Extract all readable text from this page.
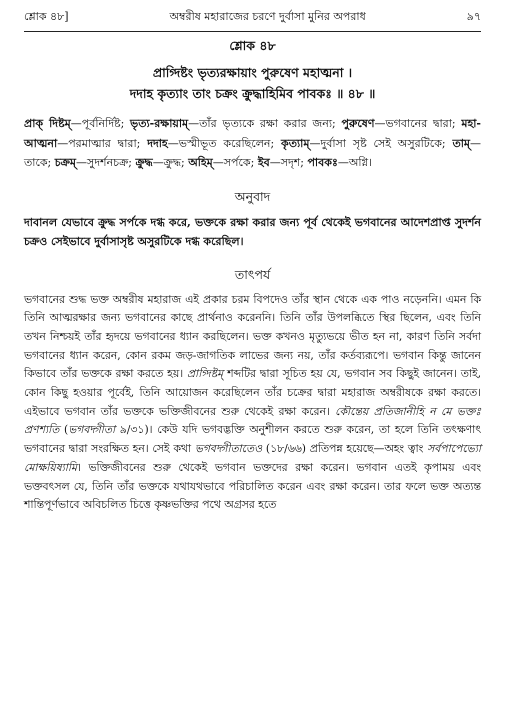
শ্লোক ৪৮]	অম্বরীষ মহারাজের চরণে দুর্বাসা মুনির অপরাধ	৯৭
শ্লোক ৪৮
প্রাগ্দিষ্টং ভৃত্যরক্ষায়াং পুরুষেণ মহাত্মনা ।
দদাহ কৃত্যাং তাং চক্রং ক্রুদ্ধাহিমিব পাবকঃ ॥ ৪৮ ॥
প্রাক্ দিষ্টম্—পূর্বনির্দিষ্ট; ভৃত্য-রক্ষায়াম্—তাঁর ভৃত্যকে রক্ষা করার জন্য; পুরুষেণ—ভগবানের দ্বারা; মহা-আত্মনা—পরমাত্মার দ্বারা; দদাহ—ভস্মীভূত করেছিলেন; কৃত্যাম্—দুর্বাসা সৃষ্ট সেই অসুরটিকে; তাম্—তাকে; চক্রম্—সুদর্শনচক্র; ক্রুদ্ধ—ক্রুদ্ধ; অহিম্—সর্পকে; ইব—সদৃশ; পাবকঃ—অগ্নি।
অনুবাদ
দাবানল যেভাবে ক্রুদ্ধ সর্পকে দগ্ধ করে, ভক্তকে রক্ষা করার জন্য পূর্ব থেকেই ভগবানের আদেশপ্রাপ্ত সুদর্শন চক্রও সেইভাবে দুর্বাসাসৃষ্ট অসুরটিকে দগ্ধ করেছিল।
তাৎপর্য
ভগবানের শুদ্ধ ভক্ত অম্বরীষ মহারাজ এই প্রকার চরম বিপদেও তাঁর স্থান থেকে এক পাও নড়েননি। এমন কি তিনি আত্মরক্ষার জন্য ভগবানের কাছে প্রার্থনাও করেননি। তিনি তাঁর উপলব্ধিতে স্থির ছিলেন, এবং তিনি তখন নিশ্চয়ই তাঁর হৃদয়ে ভগবানের ধ্যান করছিলেন। ভক্ত কখনও মৃত্যুভয়ে ভীত হন না, কারণ তিনি সর্বদা ভগবানের ধ্যান করেন, কোন রকম জড়-জাগতিক লাভের জন্য নয়, তাঁর কর্তব্যরূপে। ভগবান কিন্তু জানেন কিভাবে তাঁর ভক্তকে রক্ষা করতে হয়। প্রাগ্দিষ্টম্ শব্দটির দ্বারা সূচিত হয় যে, ভগবান সব কিছুই জানেন। তাই, কোন কিছু হওয়ার পূর্বেই, তিনি আয়োজন করেছিলেন তাঁর চক্রের দ্বারা মহারাজ অম্বরীষকে রক্ষা করতে। এইভাবে ভগবান তাঁর ভক্তকে ভক্তিজীবনের শুরু থেকেই রক্ষা করেন। কৌন্তেয় প্রতিজানীহি ন মে ভক্তঃ প্রণশ্যতি (ভগবদ্গীতা ৯/৩১)। কেউ যদি ভগবদ্ভক্তি অনুশীলন করতে শুরু করেন, তা হলে তিনি তৎক্ষণাৎ ভগবানের দ্বারা সংরক্ষিত হন। সেই কথা ভগবদ্গীতাতেও (১৮/৬৬) প্রতিপন্ন হয়েছে—অহং ত্বাং সর্বপাপেভ্যো মোক্ষয়িষ্যামি। ভক্তিজীবনের শুরু থেকেই ভগবান ভক্তদের রক্ষা করেন। ভগবান এতই কৃপাময় এবং ভক্তবৎসল যে, তিনি তাঁর ভক্তকে যথাযথভাবে পরিচালিত করেন এবং রক্ষা করেন। তার ফলে ভক্ত অত্যন্ত শান্তিপূর্ণভাবে অবিচলিত চিত্তে কৃষ্ণভক্তির পথে অগ্রসর হতে
